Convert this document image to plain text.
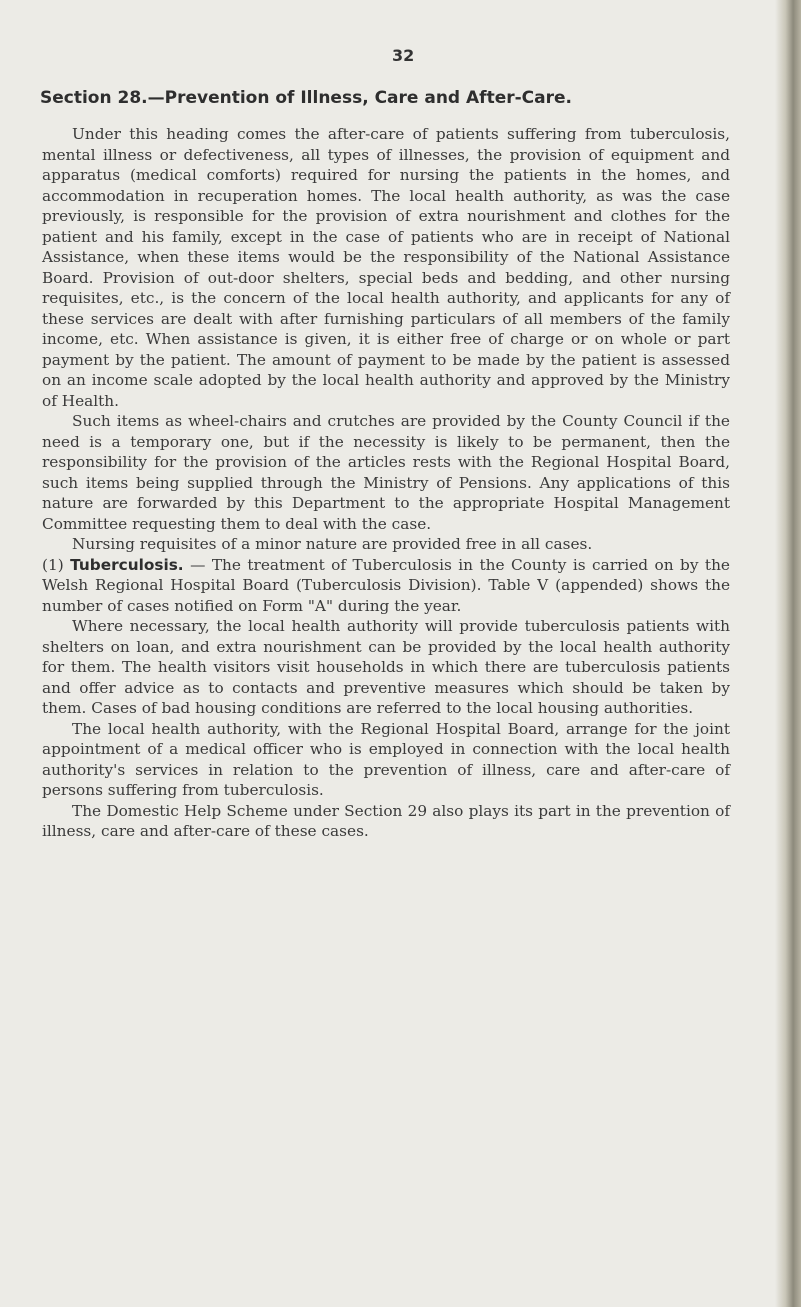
32
Section 28.—Prevention of Illness, Care and After-Care.

Under this heading comes the after-care of patients suffering from tuberculosis, mental illness or defectiveness, all types of illnesses, the provision of equipment and apparatus (medical comforts) required for nursing the patients in the homes, and accommodation in recuperation homes. The local health authority, as was the case previously, is responsible for the provision of extra nourishment and clothes for the patient and his family, except in the case of patients who are in receipt of National Assistance, when these items would be the responsibility of the National Assistance Board. Provision of out-door shelters, special beds and bedding, and other nursing requisites, etc., is the concern of the local health authority, and applicants for any of these services are dealt with after furnishing particulars of all members of the family income, etc. When assistance is given, it is either free of charge or on whole or part payment by the patient. The amount of payment to be made by the patient is assessed on an income scale adopted by the local health authority and approved by the Ministry of Health.

Such items as wheel-chairs and crutches are provided by the County Council if the need is a temporary one, but if the necessity is likely to be permanent, then the responsibility for the provision of the articles rests with the Regional Hospital Board, such items being supplied through the Ministry of Pensions. Any applications of this nature are forwarded by this Department to the appropriate Hospital Management Committee requesting them to deal with the case.

Nursing requisites of a minor nature are provided free in all cases.

(1) Tuberculosis. — The treatment of Tuberculosis in the County is carried on by the Welsh Regional Hospital Board (Tuberculosis Division). Table V (appended) shows the number of cases notified on Form "A" during the year.

Where necessary, the local health authority will provide tuberculosis patients with shelters on loan, and extra nourishment can be provided by the local health authority for them. The health visitors visit households in which there are tuberculosis patients and offer advice as to contacts and preventive measures which should be taken by them. Cases of bad housing conditions are referred to the local housing authorities.

The local health authority, with the Regional Hospital Board, arrange for the joint appointment of a medical officer who is employed in connection with the local health authority's services in relation to the prevention of illness, care and after-care of persons suffering from tuberculosis.

The Domestic Help Scheme under Section 29 also plays its part in the prevention of illness, care and after-care of these cases.
